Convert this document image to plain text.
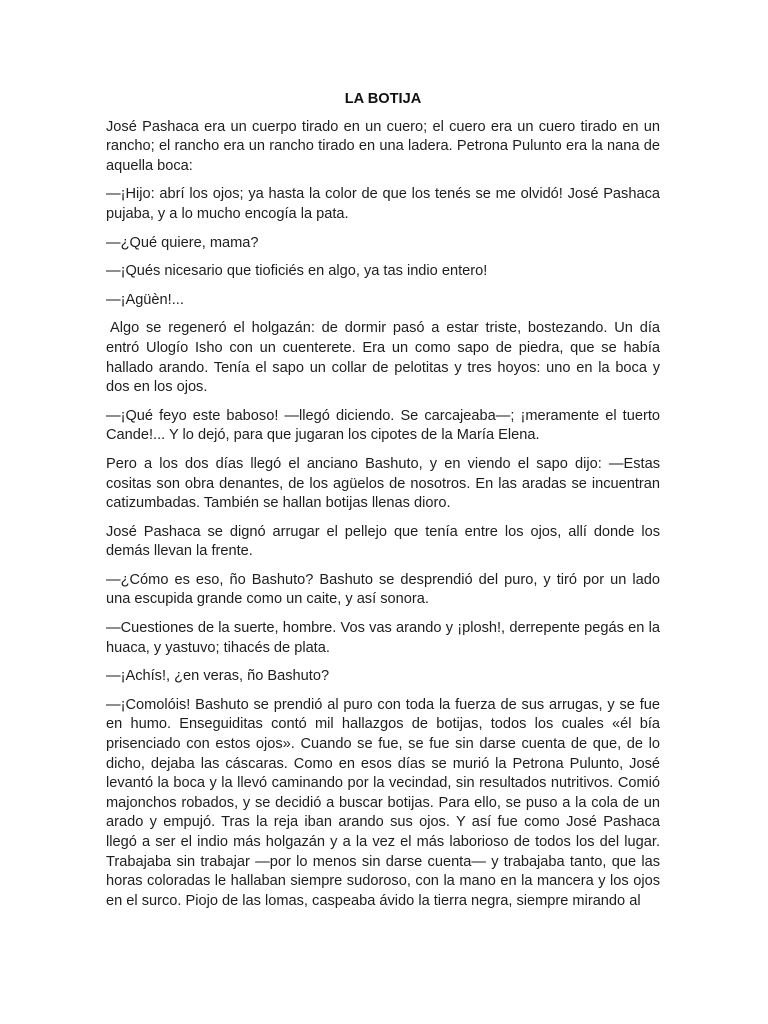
LA BOTIJA

José Pashaca era un cuerpo tirado en un cuero; el cuero era un cuero tirado en un rancho; el rancho era un rancho tirado en una ladera. Petrona Pulunto era la nana de aquella boca:

—¡Hijo: abrí los ojos; ya hasta la color de que los tenés se me olvidó! José Pashaca pujaba, y a lo mucho encogía la pata.

—¿Qué quiere, mama?

—¡Qués nicesario que tioficiés en algo, ya tas indio entero!

—¡Agüèn!...

Algo se regeneró el holgazán: de dormir pasó a estar triste, bostezando. Un día entró Ulogío Isho con un cuenterete. Era un como sapo de piedra, que se había hallado arando. Tenía el sapo un collar de pelotitas y tres hoyos: uno en la boca y dos en los ojos.

—¡Qué feyo este baboso! —llegó diciendo. Se carcajeaba—; ¡meramente el tuerto Cande!... Y lo dejó, para que jugaran los cipotes de la María Elena.

Pero a los dos días llegó el anciano Bashuto, y en viendo el sapo dijo: —Estas cositas son obra denantes, de los agüelos de nosotros. En las aradas se incuentran catizumbadas. También se hallan botijas llenas dioro.

José Pashaca se dignó arrugar el pellejo que tenía entre los ojos, allí donde los demás llevan la frente.

—¿Cómo es eso, ño Bashuto? Bashuto se desprendió del puro, y tiró por un lado una escupida grande como un caite, y así sonora.

—Cuestiones de la suerte, hombre. Vos vas arando y ¡plosh!, derrepente pegás en la huaca, y yastuvo; tihacés de plata.

—¡Achís!, ¿en veras, ño Bashuto?

—¡Comolóis! Bashuto se prendió al puro con toda la fuerza de sus arrugas, y se fue en humo. Enseguiditas contó mil hallazgos de botijas, todos los cuales «él bía prisenciado con estos ojos». Cuando se fue, se fue sin darse cuenta de que, de lo dicho, dejaba las cáscaras. Como en esos días se murió la Petrona Pulunto, José levantó la boca y la llevó caminando por la vecindad, sin resultados nutritivos. Comió majonchos robados, y se decidió a buscar botijas. Para ello, se puso a la cola de un arado y empujó. Tras la reja iban arando sus ojos. Y así fue como José Pashaca llegó a ser el indio más holgazán y a la vez el más laborioso de todos los del lugar. Trabajaba sin trabajar —por lo menos sin darse cuenta— y trabajaba tanto, que las horas coloradas le hallaban siempre sudoroso, con la mano en la mancera y los ojos en el surco. Piojo de las lomas, caspeaba ávido la tierra negra, siempre mirando al
